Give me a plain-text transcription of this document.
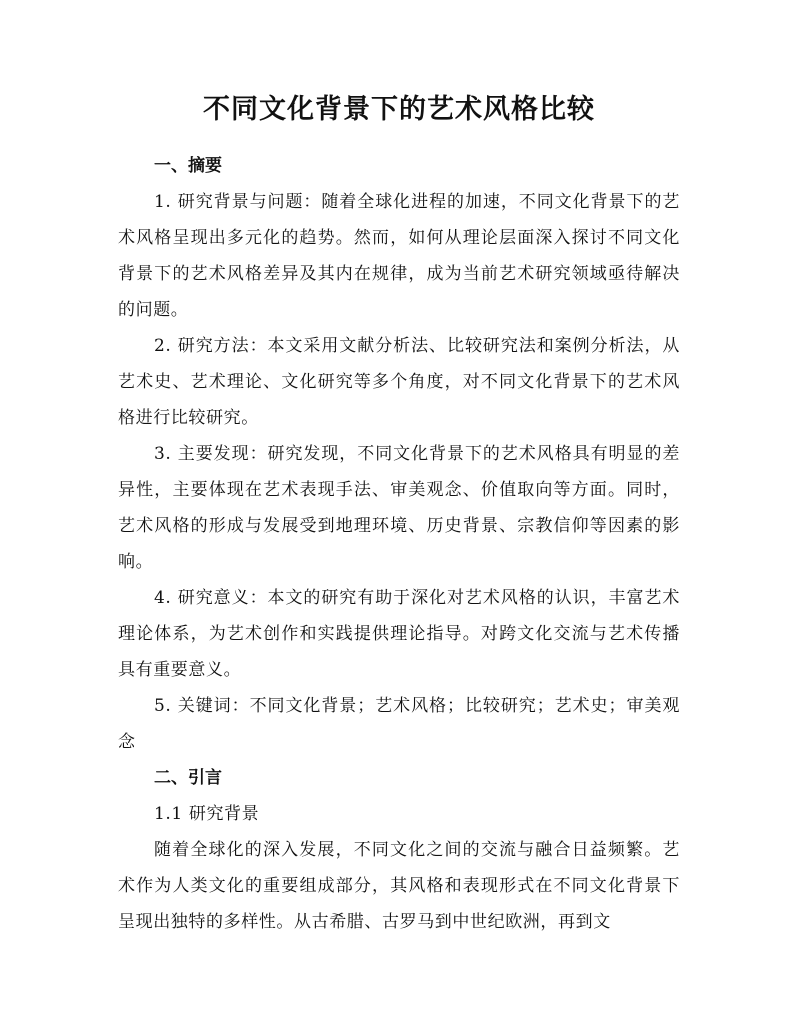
不同文化背景下的艺术风格比较
一、摘要

1. 研究背景与问题：随着全球化进程的加速，不同文化背景下的艺术风格呈现出多元化的趋势。然而，如何从理论层面深入探讨不同文化背景下的艺术风格差异及其内在规律，成为当前艺术研究领域亟待解决的问题。

2. 研究方法：本文采用文献分析法、比较研究法和案例分析法，从艺术史、艺术理论、文化研究等多个角度，对不同文化背景下的艺术风格进行比较研究。

3. 主要发现：研究发现，不同文化背景下的艺术风格具有明显的差异性，主要体现在艺术表现手法、审美观念、价值取向等方面。同时，艺术风格的形成与发展受到地理环境、历史背景、宗教信仰等因素的影响。

4. 研究意义：本文的研究有助于深化对艺术风格的认识，丰富艺术理论体系，为艺术创作和实践提供理论指导。对跨文化交流与艺术传播具有重要意义。

5. 关键词：不同文化背景；艺术风格；比较研究；艺术史；审美观念

二、引言

1.1 研究背景

随着全球化的深入发展，不同文化之间的交流与融合日益频繁。艺术作为人类文化的重要组成部分，其风格和表现形式在不同文化背景下呈现出独特的多样性。从古希腊、古罗马到中世纪欧洲，再到文
